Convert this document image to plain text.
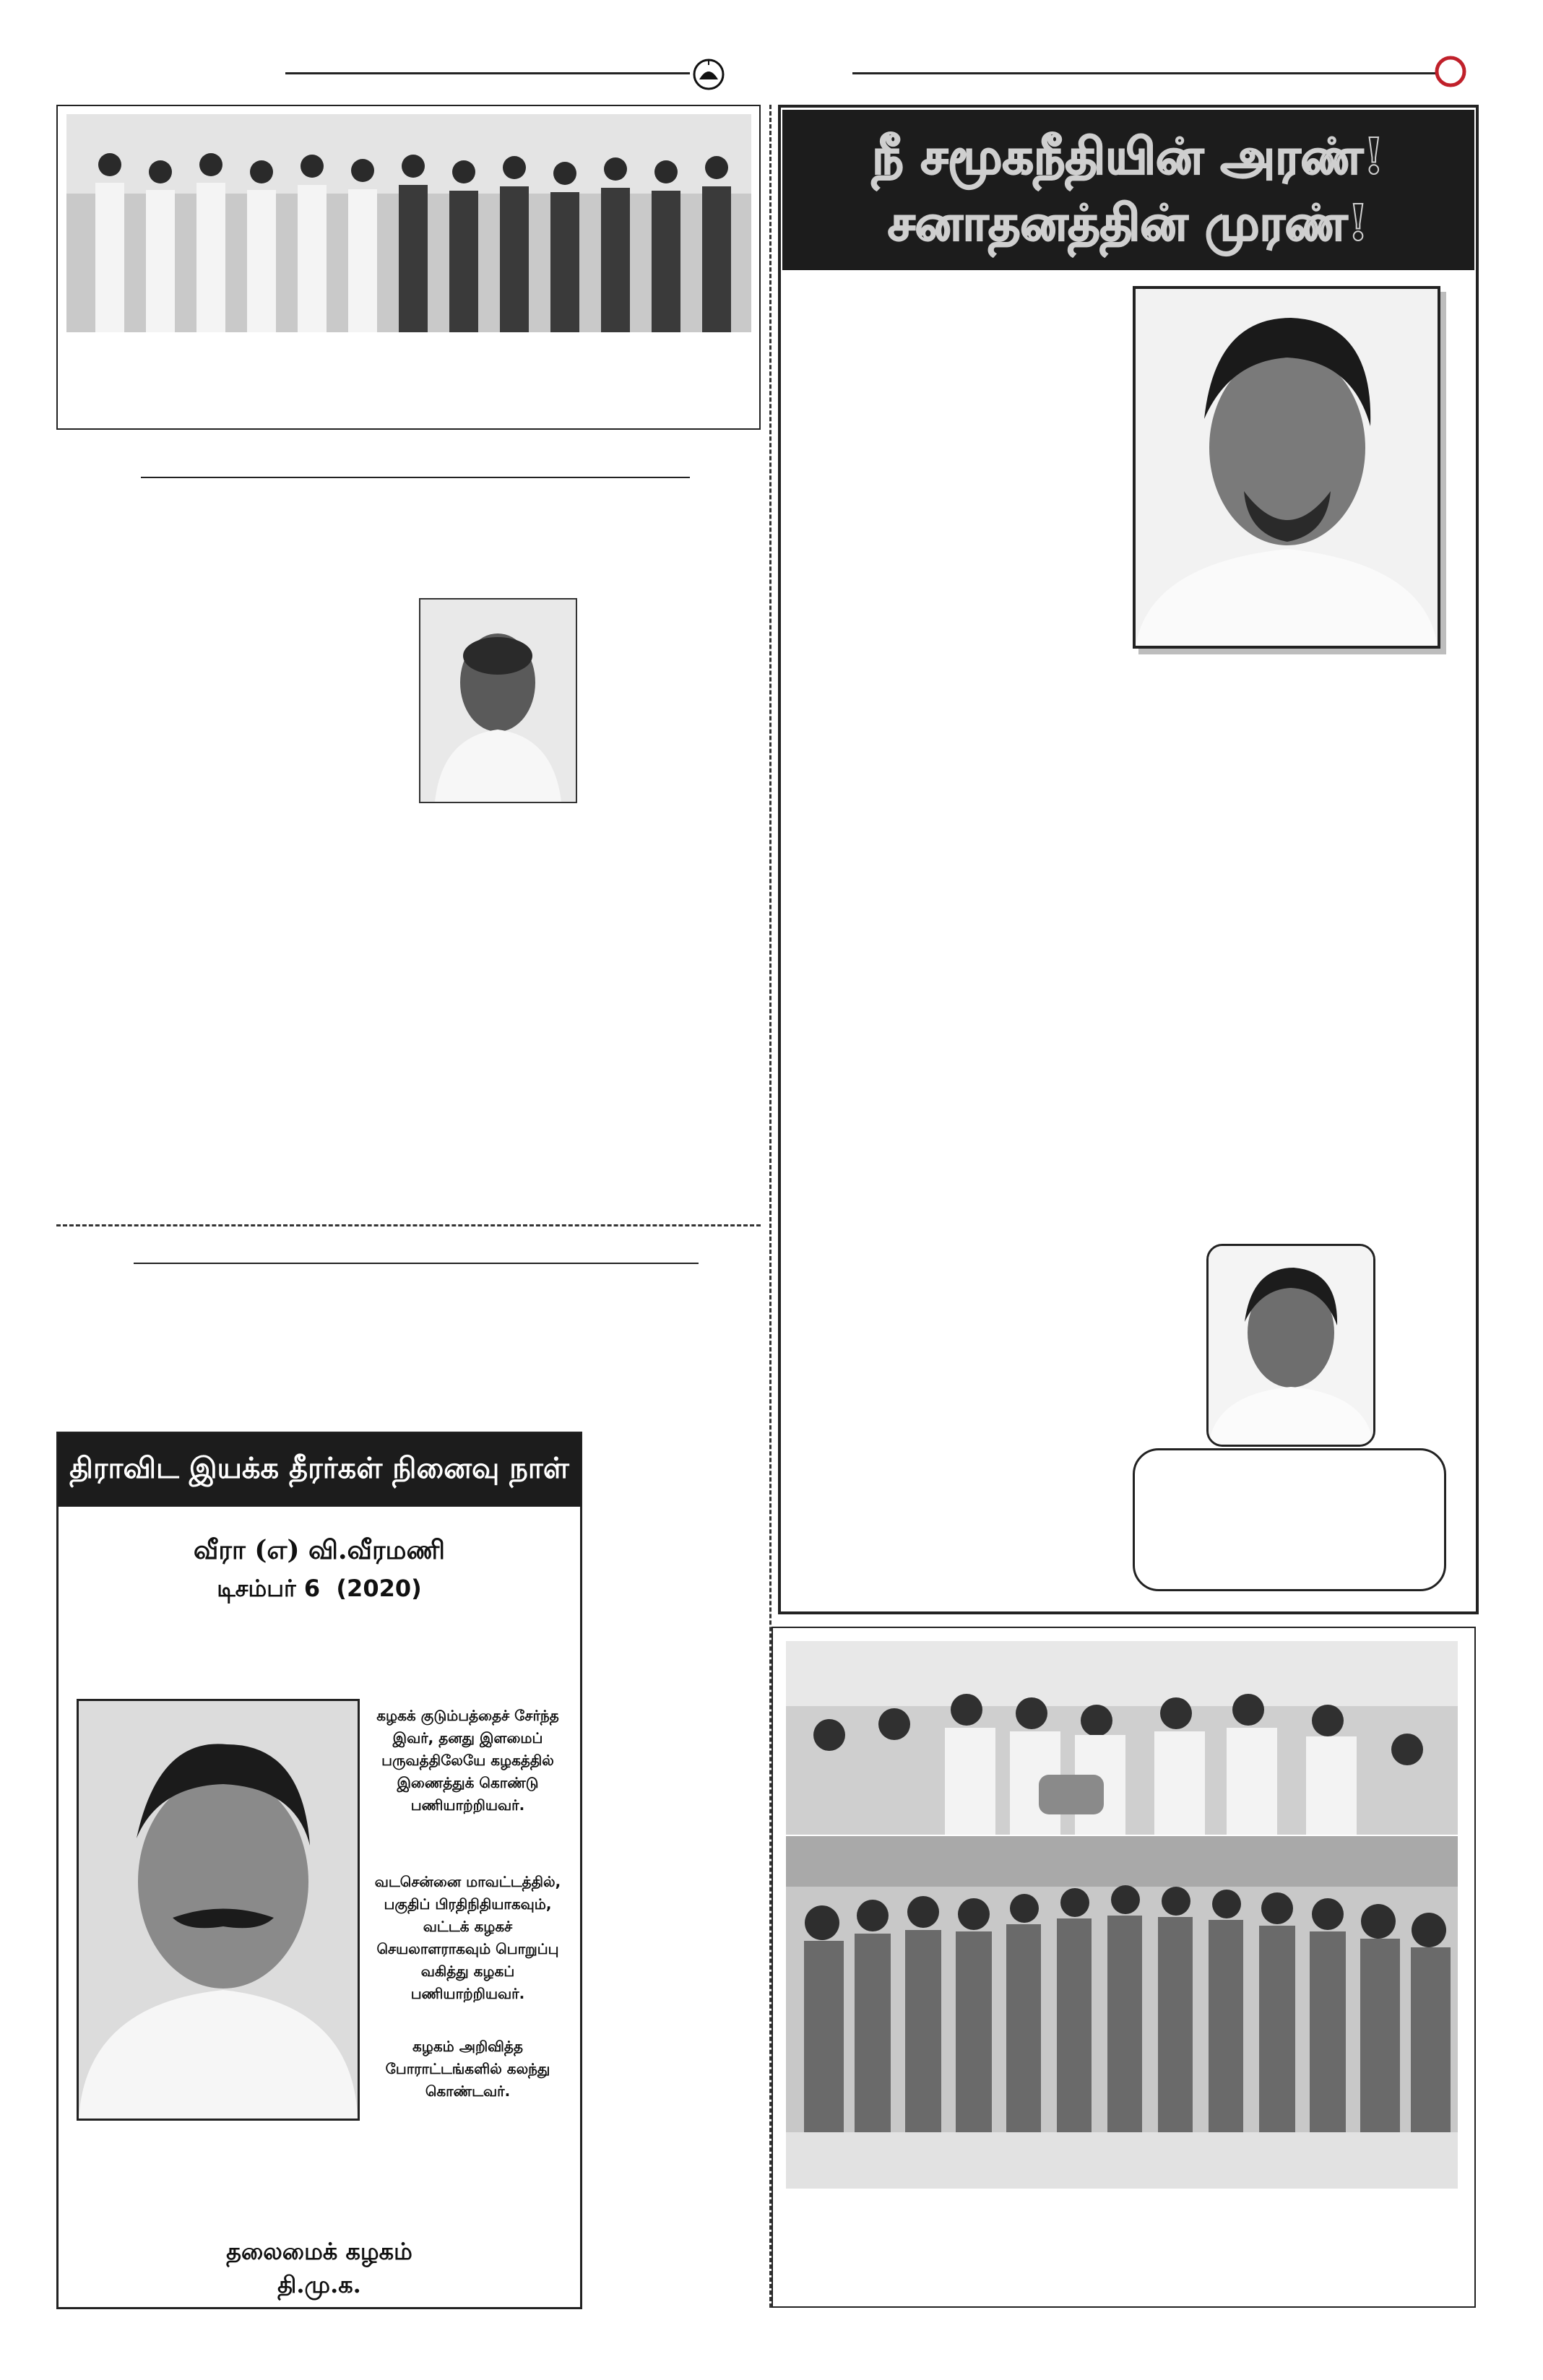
திராவிட இயக்க தீரர்கள் நினைவு நாள்
வீரா (எ) வி.வீரமணி
டிசம்பர் 6  (2020)
கழகக் குடும்பத்தைச் சேர்ந்த இவர், தனது இளமைப் பருவத்திலேயே கழகத்தில் இணைத்துக் கொண்டு பணியாற்றியவர்.
வடசென்னை மாவட்டத்தில், பகுதிப் பிரதிநிதியாகவும், வட்டக் கழகச் செயலாளராகவும் பொறுப்பு வகித்து கழகப் பணியாற்றியவர்.
கழகம் அறிவித்த போராட்டங்களில் கலந்து கொண்டவர்.
தலைமைக் கழகம்
தி.மு.க.
நீ சமூகநீதியின் அரண்!
சனாதனத்தின் முரண்!
